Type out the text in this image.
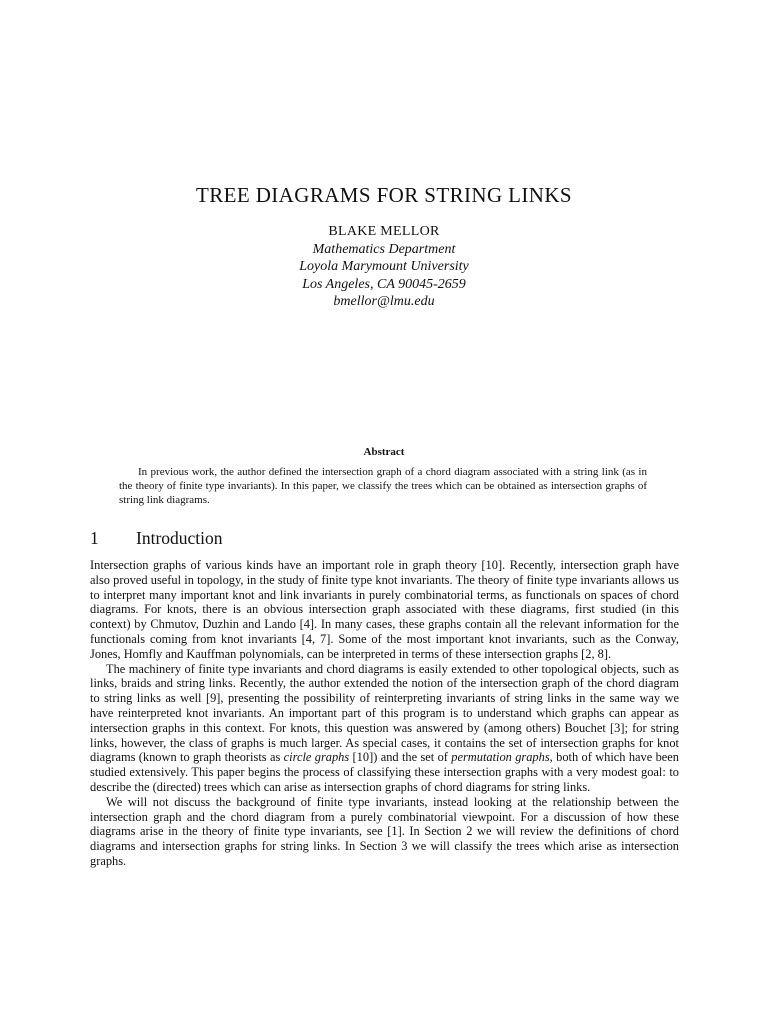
TREE DIAGRAMS FOR STRING LINKS
BLAKE MELLOR
Mathematics Department
Loyola Marymount University
Los Angeles, CA 90045-2659
bmellor@lmu.edu
Abstract

In previous work, the author defined the intersection graph of a chord diagram associated with a string link (as in the theory of finite type invariants). In this paper, we classify the trees which can be obtained as intersection graphs of string link diagrams.

1 Introduction

Intersection graphs of various kinds have an important role in graph theory [10]. Recently, intersection graph have also proved useful in topology, in the study of finite type knot invariants. The theory of finite type invariants allows us to interpret many important knot and link invariants in purely combinatorial terms, as functionals on spaces of chord diagrams. For knots, there is an obvious intersection graph associated with these diagrams, first studied (in this context) by Chmutov, Duzhin and Lando [4]. In many cases, these graphs contain all the relevant information for the functionals coming from knot invariants [4, 7]. Some of the most important knot invariants, such as the Conway, Jones, Homfly and Kauffman polynomials, can be interpreted in terms of these intersection graphs [2, 8].

The machinery of finite type invariants and chord diagrams is easily extended to other topological objects, such as links, braids and string links. Recently, the author extended the notion of the intersection graph of the chord diagram to string links as well [9], presenting the possibility of reinterpreting invariants of string links in the same way we have reinterpreted knot invariants. An important part of this program is to understand which graphs can appear as intersection graphs in this context. For knots, this question was answered by (among others) Bouchet [3]; for string links, however, the class of graphs is much larger. As special cases, it contains the set of intersection graphs for knot diagrams (known to graph theorists as circle graphs [10]) and the set of permutation graphs, both of which have been studied extensively. This paper begins the process of classifying these intersection graphs with a very modest goal: to describe the (directed) trees which can arise as intersection graphs of chord diagrams for string links.

We will not discuss the background of finite type invariants, instead looking at the relationship between the intersection graph and the chord diagram from a purely combinatorial viewpoint. For a discussion of how these diagrams arise in the theory of finite type invariants, see [1]. In Section 2 we will review the definitions of chord diagrams and intersection graphs for string links. In Section 3 we will classify the trees which arise as intersection graphs.
